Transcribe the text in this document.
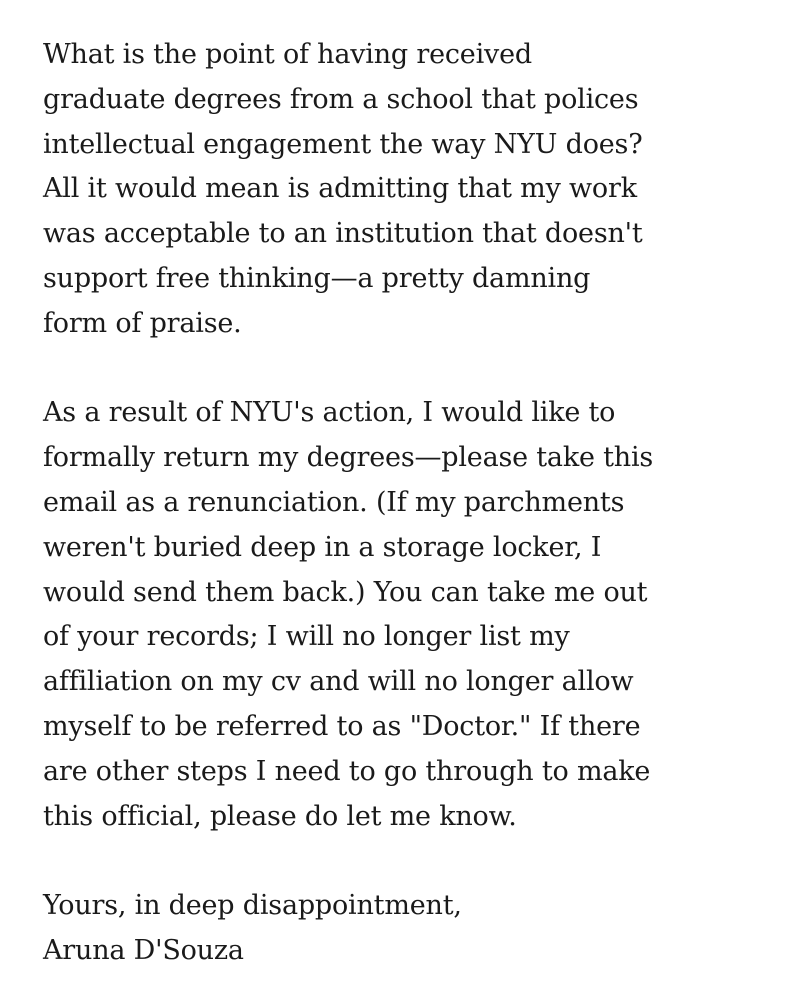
What is the point of having received
graduate degrees from a school that polices
intellectual engagement the way NYU does?
All it would mean is admitting that my work
was acceptable to an institution that doesn't
support free thinking—a pretty damning
form of praise.

As a result of NYU's action, I would like to
formally return my degrees—please take this
email as a renunciation. (If my parchments
weren't buried deep in a storage locker, I
would send them back.) You can take me out
of your records; I will no longer list my
affiliation on my cv and will no longer allow
myself to be referred to as "Doctor." If there
are other steps I need to go through to make
this official, please do let me know.

Yours, in deep disappointment,
Aruna D'Souza
